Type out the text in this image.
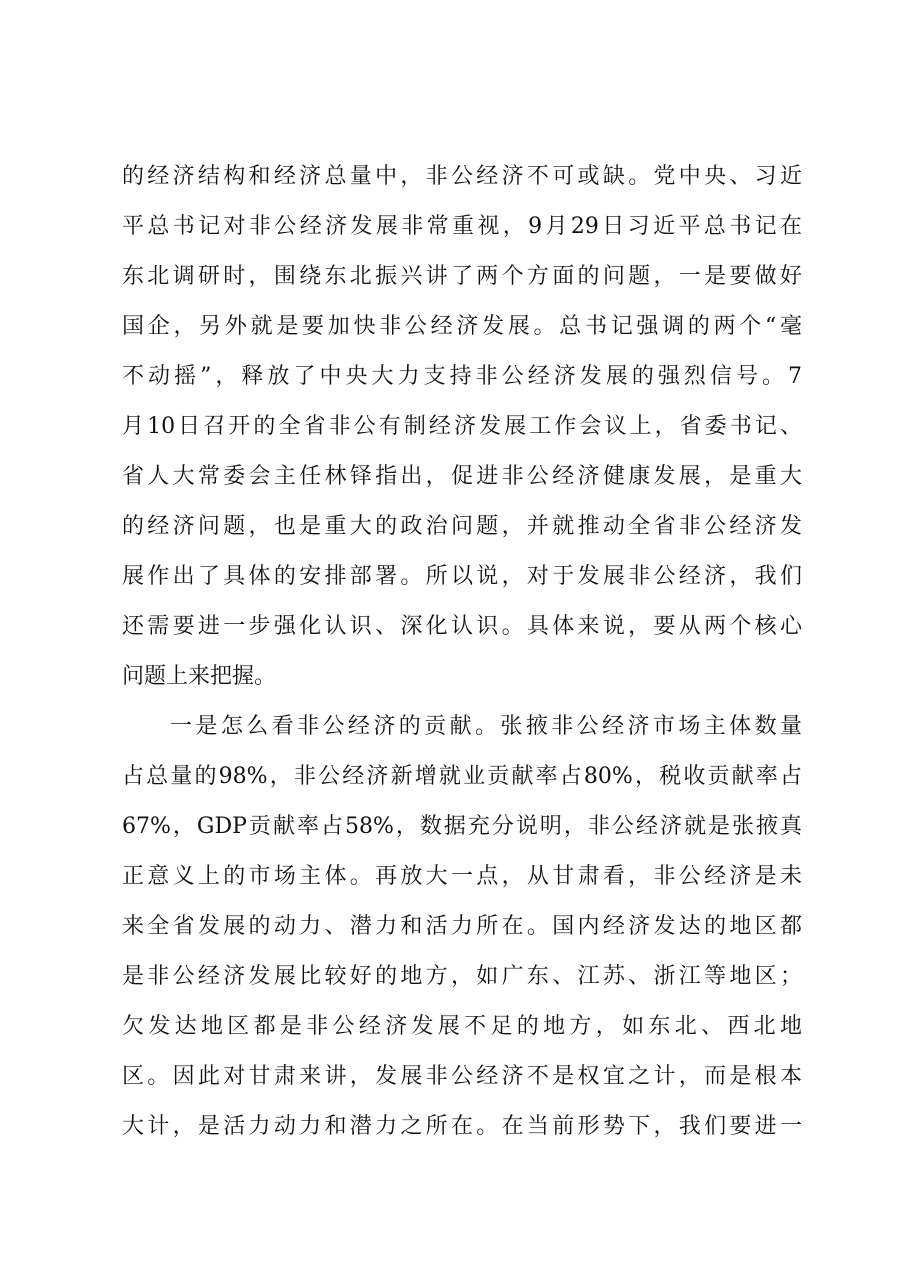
的经济结构和经济总量中，非公经济不可或缺。党中央、习近
平总书记对非公经济发展非常重视，9月29日习近平总书记在
东北调研时，围绕东北振兴讲了两个方面的问题，一是要做好
国企，另外就是要加快非公经济发展。总书记强调的两个“毫
不动摇”，释放了中央大力支持非公经济发展的强烈信号。7
月10日召开的全省非公有制经济发展工作会议上，省委书记、
省人大常委会主任林铎指出，促进非公经济健康发展，是重大
的经济问题，也是重大的政治问题，并就推动全省非公经济发
展作出了具体的安排部署。所以说，对于发展非公经济，我们
还需要进一步强化认识、深化认识。具体来说，要从两个核心
问题上来把握。
一是怎么看非公经济的贡献。张掖非公经济市场主体数量
占总量的98%，非公经济新增就业贡献率占80%，税收贡献率占
67%，GDP贡献率占58%，数据充分说明，非公经济就是张掖真
正意义上的市场主体。再放大一点，从甘肃看，非公经济是未
来全省发展的动力、潜力和活力所在。国内经济发达的地区都
是非公经济发展比较好的地方，如广东、江苏、浙江等地区；
欠发达地区都是非公经济发展不足的地方，如东北、西北地
区。因此对甘肃来讲，发展非公经济不是权宜之计，而是根本
大计，是活力动力和潜力之所在。在当前形势下，我们要进一
